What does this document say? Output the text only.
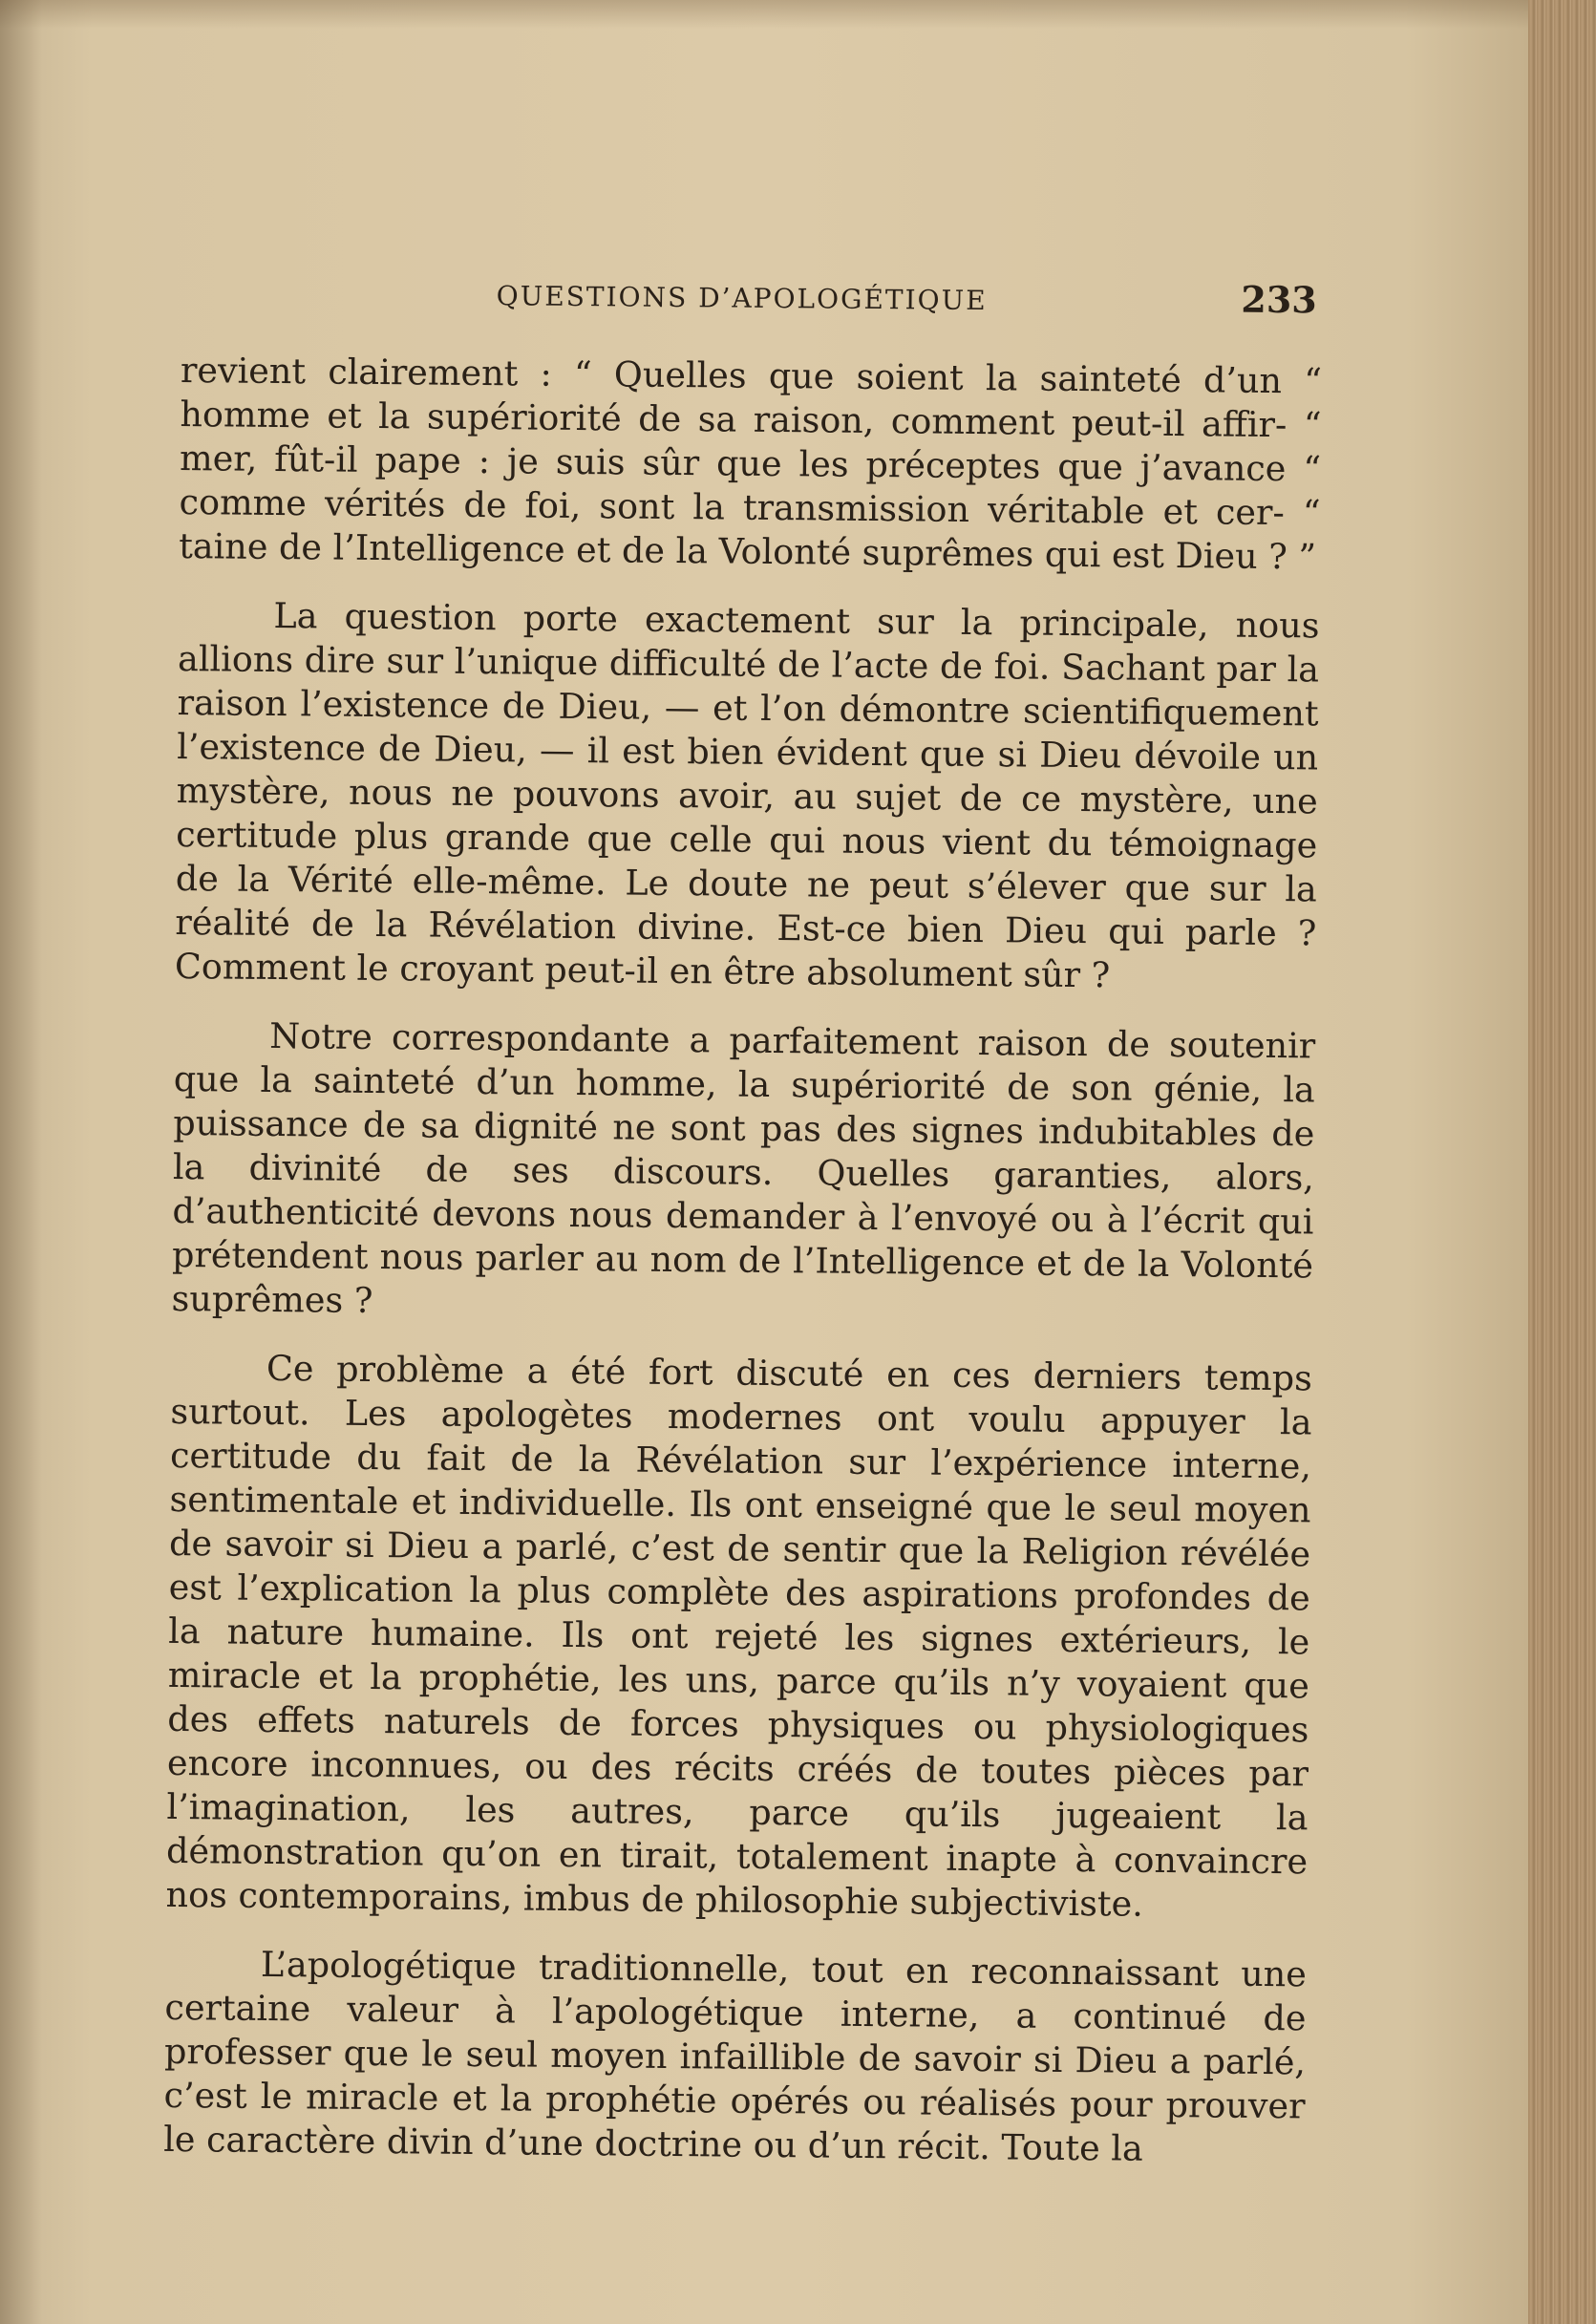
QUESTIONS D’APOLOGÉTIQUE	233

revient clairement : “ Quelles que soient la sainteté d’un “ homme et la supériorité de sa raison, comment peut-il affir- “ mer, fût-il pape : je suis sûr que les préceptes que j’avance “ comme vérités de foi, sont la transmission véritable et cer- “ taine de l’Intelligence et de la Volonté suprêmes qui est Dieu ? ”

La question porte exactement sur la principale, nous allions dire sur l’unique difficulté de l’acte de foi. Sachant par la raison l’existence de Dieu, — et l’on démontre scientifiquement l’existence de Dieu, — il est bien évident que si Dieu dévoile un mystère, nous ne pouvons avoir, au sujet de ce mystère, une certitude plus grande que celle qui nous vient du témoignage de la Vérité elle-même. Le doute ne peut s’élever que sur la réalité de la Révélation divine. Est-ce bien Dieu qui parle ? Comment le croyant peut-il en être absolument sûr ?

Notre correspondante a parfaitement raison de soutenir que la sainteté d’un homme, la supériorité de son génie, la puissance de sa dignité ne sont pas des signes indubitables de la divinité de ses discours. Quelles garanties, alors, d’authenticité devons nous demander à l’envoyé ou à l’écrit qui prétendent nous parler au nom de l’Intelligence et de la Volonté suprêmes ?

Ce problème a été fort discuté en ces derniers temps surtout. Les apologètes modernes ont voulu appuyer la certitude du fait de la Révélation sur l’expérience interne, sentimentale et individuelle. Ils ont enseigné que le seul moyen de savoir si Dieu a parlé, c’est de sentir que la Religion révélée est l’explication la plus complète des aspirations profondes de la nature humaine. Ils ont rejeté les signes extérieurs, le miracle et la prophétie, les uns, parce qu’ils n’y voyaient que des effets naturels de forces physiques ou physiologiques encore inconnues, ou des récits créés de toutes pièces par l’imagination, les autres, parce qu’ils jugeaient la démonstration qu’on en tirait, totalement inapte à convaincre nos contemporains, imbus de philosophie subjectiviste.

L’apologétique traditionnelle, tout en reconnaissant une certaine valeur à l’apologétique interne, a continué de professer que le seul moyen infaillible de savoir si Dieu a parlé, c’est le miracle et la prophétie opérés ou réalisés pour prouver le caractère divin d’une doctrine ou d’un récit. Toute la
